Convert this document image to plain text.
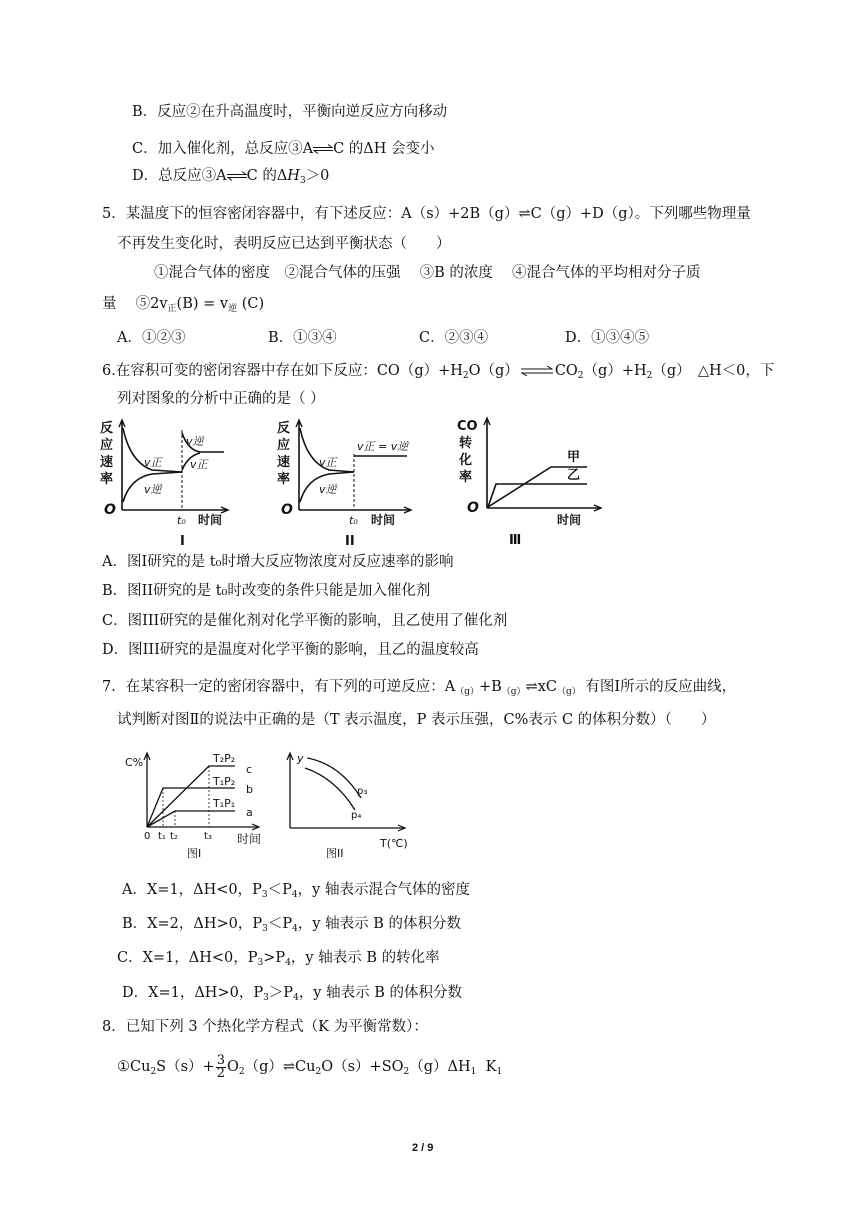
B．反应②在升高温度时，平衡向逆反应方向移动
C．加入催化剂，总反应③A⇌C 的ΔH 会变小
D．总反应③A⇌C 的$\Delta H_3>0$
5．某温度下的恒容密闭容器中，有下述反应：A（s）+2B（g）⇌C（g）+D（g）。下列哪些物理量
不再发生变化时，表明反应已达到平衡状态（　　）
①混合气体的密度　②混合气体的压强　 ③B 的浓度　 ④混合气体的平均相对分子质
量　 $⑤2v_正(B) = v_逆$ (C)
A．①②③	B．①③④	C．②③④	D．①③④⑤
6.在容积可变的密闭容器中存在如下反应：$CO(g)+H_2O(g)$ ⇌ $CO_2(g)+H_2(g)$　△H＜0，下
列对图象的分析中正确的是（ ）
反
应
速
率
v正
v逆
v逆
v正
O
t₀ 时间
I
反
应
速
率
v正
v逆
v正 = v逆
O
t₀ 时间
II
CO
转
化
率
甲
乙
O
时间
Ⅲ
A．图I研究的是 t₀时增大反应物浓度对反应速率的影响
B．图II研究的是 t₀时改变的条件只能是加入催化剂
C．图III研究的是催化剂对化学平衡的影响，且乙使用了催化剂
D．图III研究的是温度对化学平衡的影响，且乙的温度较高
7．在某容积一定的密闭容器中，有下列的可逆反应：$A_{(g)}+B_{(g)}\rightleftharpoons xC_{(g)}$ 有图Ⅰ所示的反应曲线，
试判断对图Ⅱ的说法中正确的是（T 表示温度，P 表示压强，C%表示 C 的体积分数）（　　）
C%	T₂P₂
T₁P₂
T₁P₁
c
b
a
0 t₁ t₂	t₃ 时间
图I
y
p₃
p₄
T(℃)
图II
A．X=1，ΔH<0，$P_3<P_4$，y 轴表示混合气体的密度
B．X=2，ΔH>0，$P_3<P_4$，y 轴表示 B 的体积分数
C．X=1，ΔH<0，$P_3>P_4$，y 轴表示 B 的转化率
D．X=1，ΔH>0，$P_3>P_4$，y 轴表示 B 的体积分数
8．已知下列 3 个热化学方程式（K 为平衡常数）：
$①Cu_2S(s)+ \frac{3}{2}$ $O_2(g)\rightleftharpoons Cu_2O(s)+SO_2(g)\Delta H_1$  $K_1$
2 / 9
